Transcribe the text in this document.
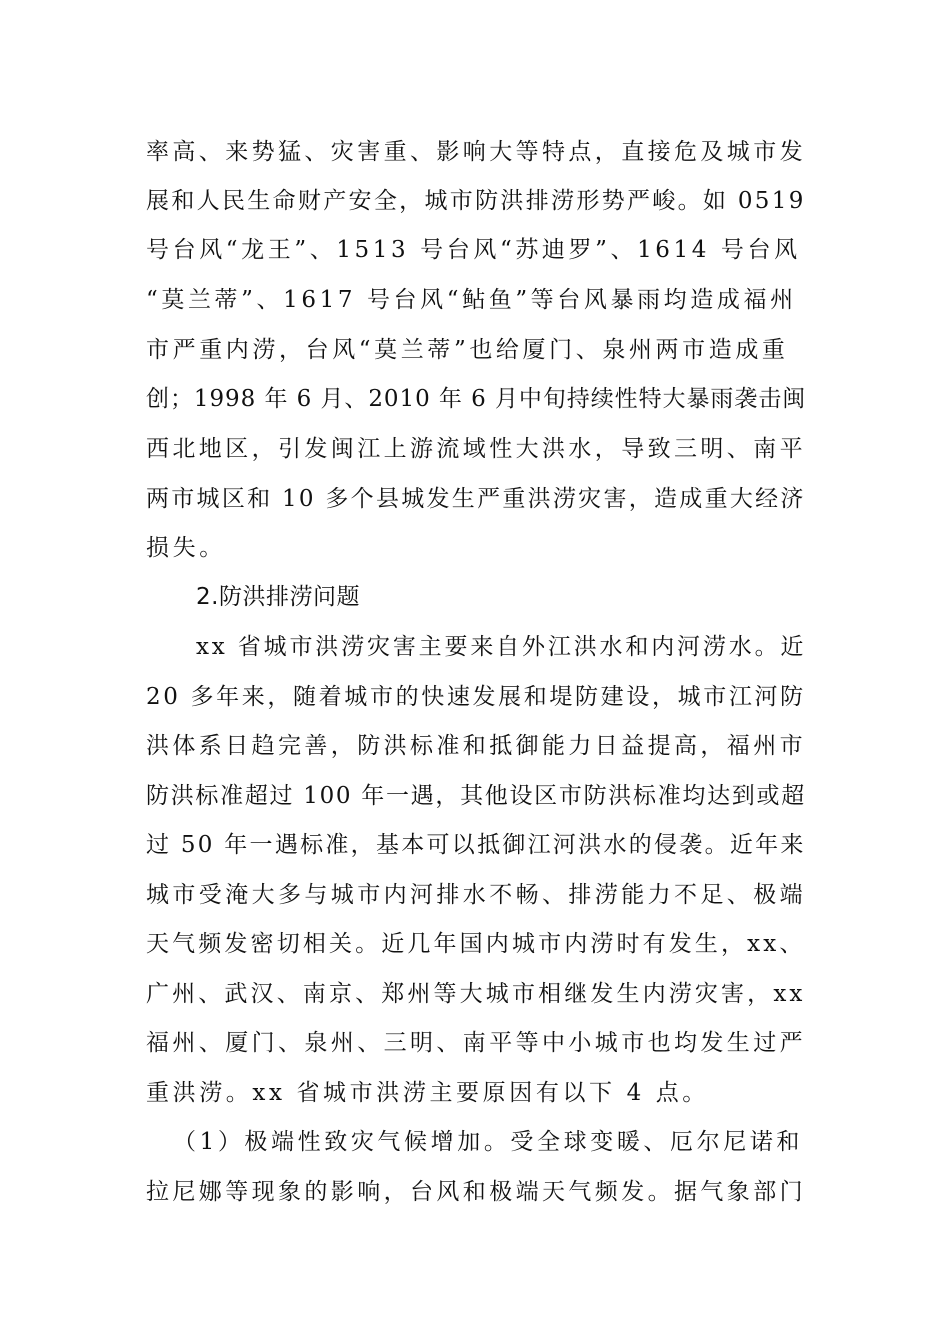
率高、来势猛、灾害重、影响大等特点，直接危及城市发
展和人民生命财产安全，城市防洪排涝形势严峻。如 0519
号台风“龙王”、1513 号台风“苏迪罗”、1614 号台风
“莫兰蒂”、1617 号台风“鲇鱼”等台风暴雨均造成福州
市严重内涝，台风“莫兰蒂”也给厦门、泉州两市造成重
创；1998 年 6 月、2010 年 6 月中旬持续性特大暴雨袭击闽
西北地区，引发闽江上游流域性大洪水，导致三明、南平
两市城区和 10 多个县城发生严重洪涝灾害，造成重大经济
损失。
2.防洪排涝问题
xx 省城市洪涝灾害主要来自外江洪水和内河涝水。近
20 多年来，随着城市的快速发展和堤防建设，城市江河防
洪体系日趋完善，防洪标准和抵御能力日益提高，福州市
防洪标准超过 100 年一遇，其他设区市防洪标准均达到或超
过 50 年一遇标准，基本可以抵御江河洪水的侵袭。近年来
城市受淹大多与城市内河排水不畅、排涝能力不足、极端
天气频发密切相关。近几年国内城市内涝时有发生，xx、
广州、武汉、南京、郑州等大城市相继发生内涝灾害，xx
福州、厦门、泉州、三明、南平等中小城市也均发生过严
重洪涝。xx 省城市洪涝主要原因有以下 4 点。
（1）极端性致灾气候增加。受全球变暖、厄尔尼诺和
拉尼娜等现象的影响，台风和极端天气频发。据气象部门
